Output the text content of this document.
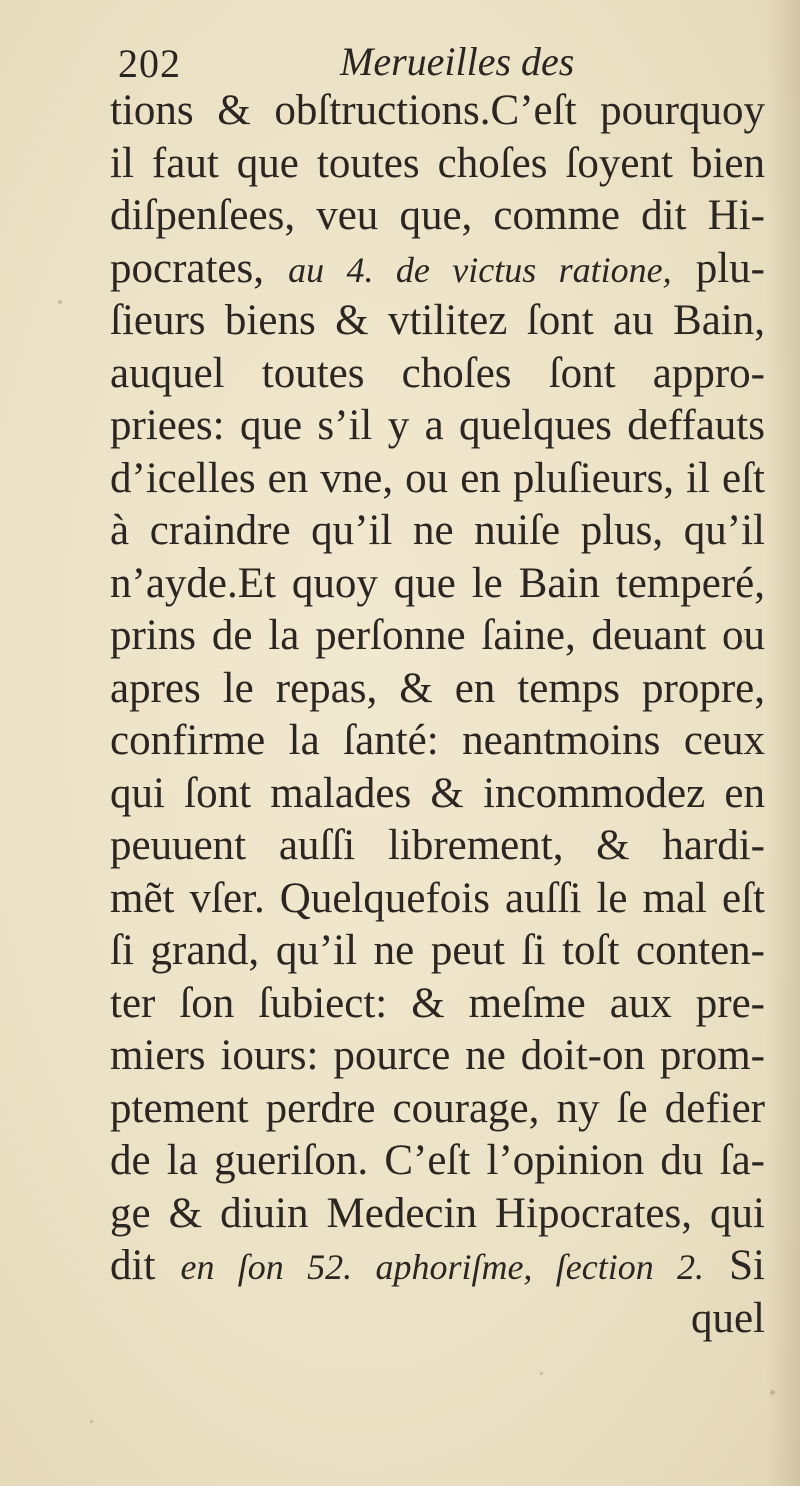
202	Merueilles des
tions & obſtructions.C’eſt pourquoy
il faut que toutes choſes ſoyent bien
diſpenſees, veu que, comme dit Hi-
pocrates, au 4. de victus ratione, plu-
ſieurs biens & vtilitez ſont au Bain,
auquel toutes choſes ſont appro-
priees: que s’il y a quelques deffauts
d’icelles en vne, ou en pluſieurs, il eſt
à craindre qu’il ne nuiſe plus, qu’il
n’ayde.Et quoy que le Bain temperé,
prins de la perſonne ſaine, deuant ou
apres le repas, & en temps propre,
confirme la ſanté: neantmoins ceux
qui ſont malades & incommodez en
peuuent auſſi librement, & hardi-
mẽt vſer. Quelquefois auſſi le mal eſt
ſi grand, qu’il ne peut ſi toſt conten-
ter ſon ſubiect: & meſme aux pre-
miers iours: pource ne doit-on prom-
ptement perdre courage, ny ſe defier
de la gueriſon. C’eſt l’opinion du ſa-
ge & diuin Medecin Hipocrates, qui
dit en ſon 52. aphoriſme, ſection 2. Si
quel
